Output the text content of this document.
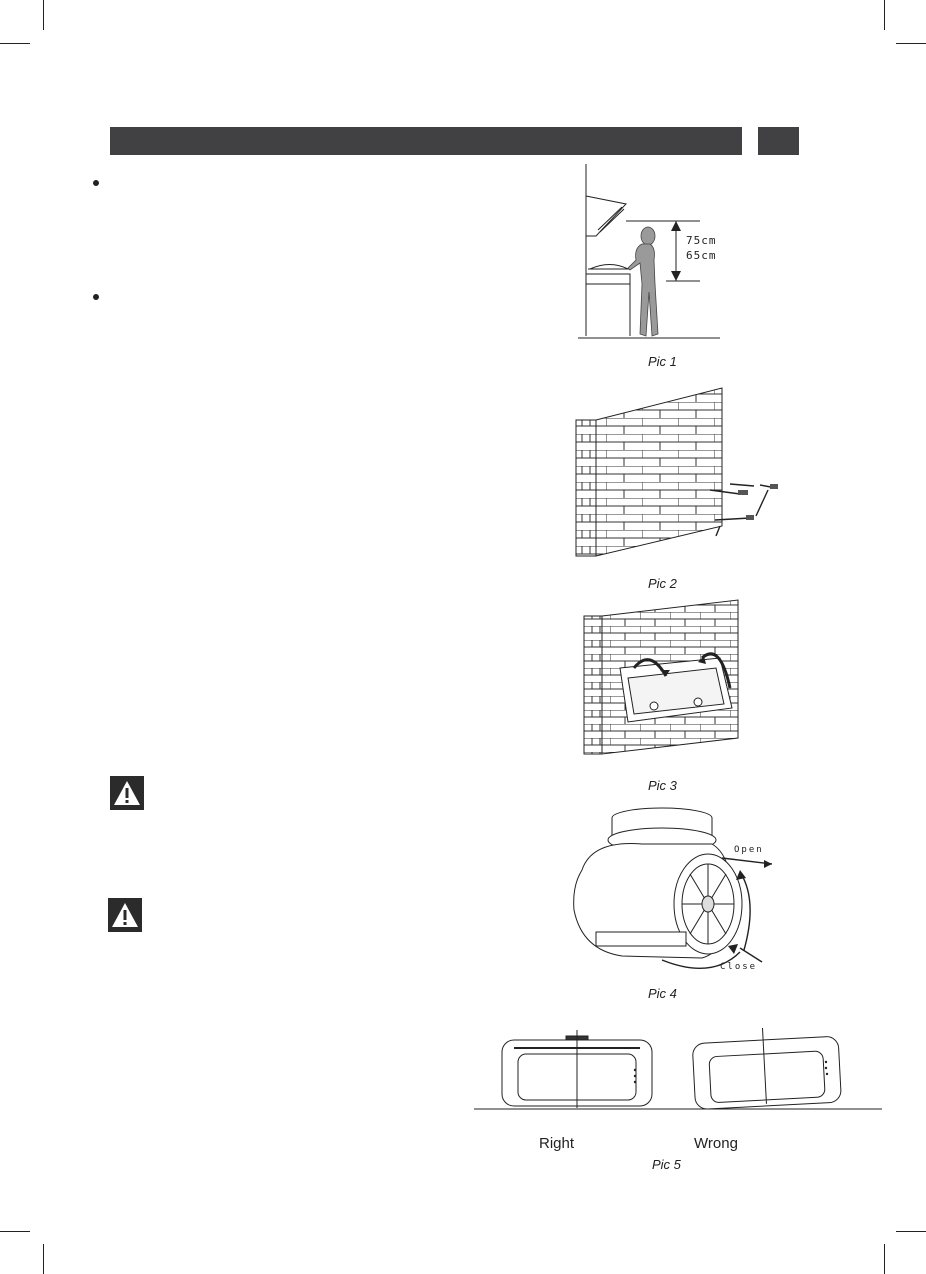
75cm
65cm
Pic 1
Pic 2
Pic 3
Open
Close
Pic 4
Right	Wrong
Pic 5
